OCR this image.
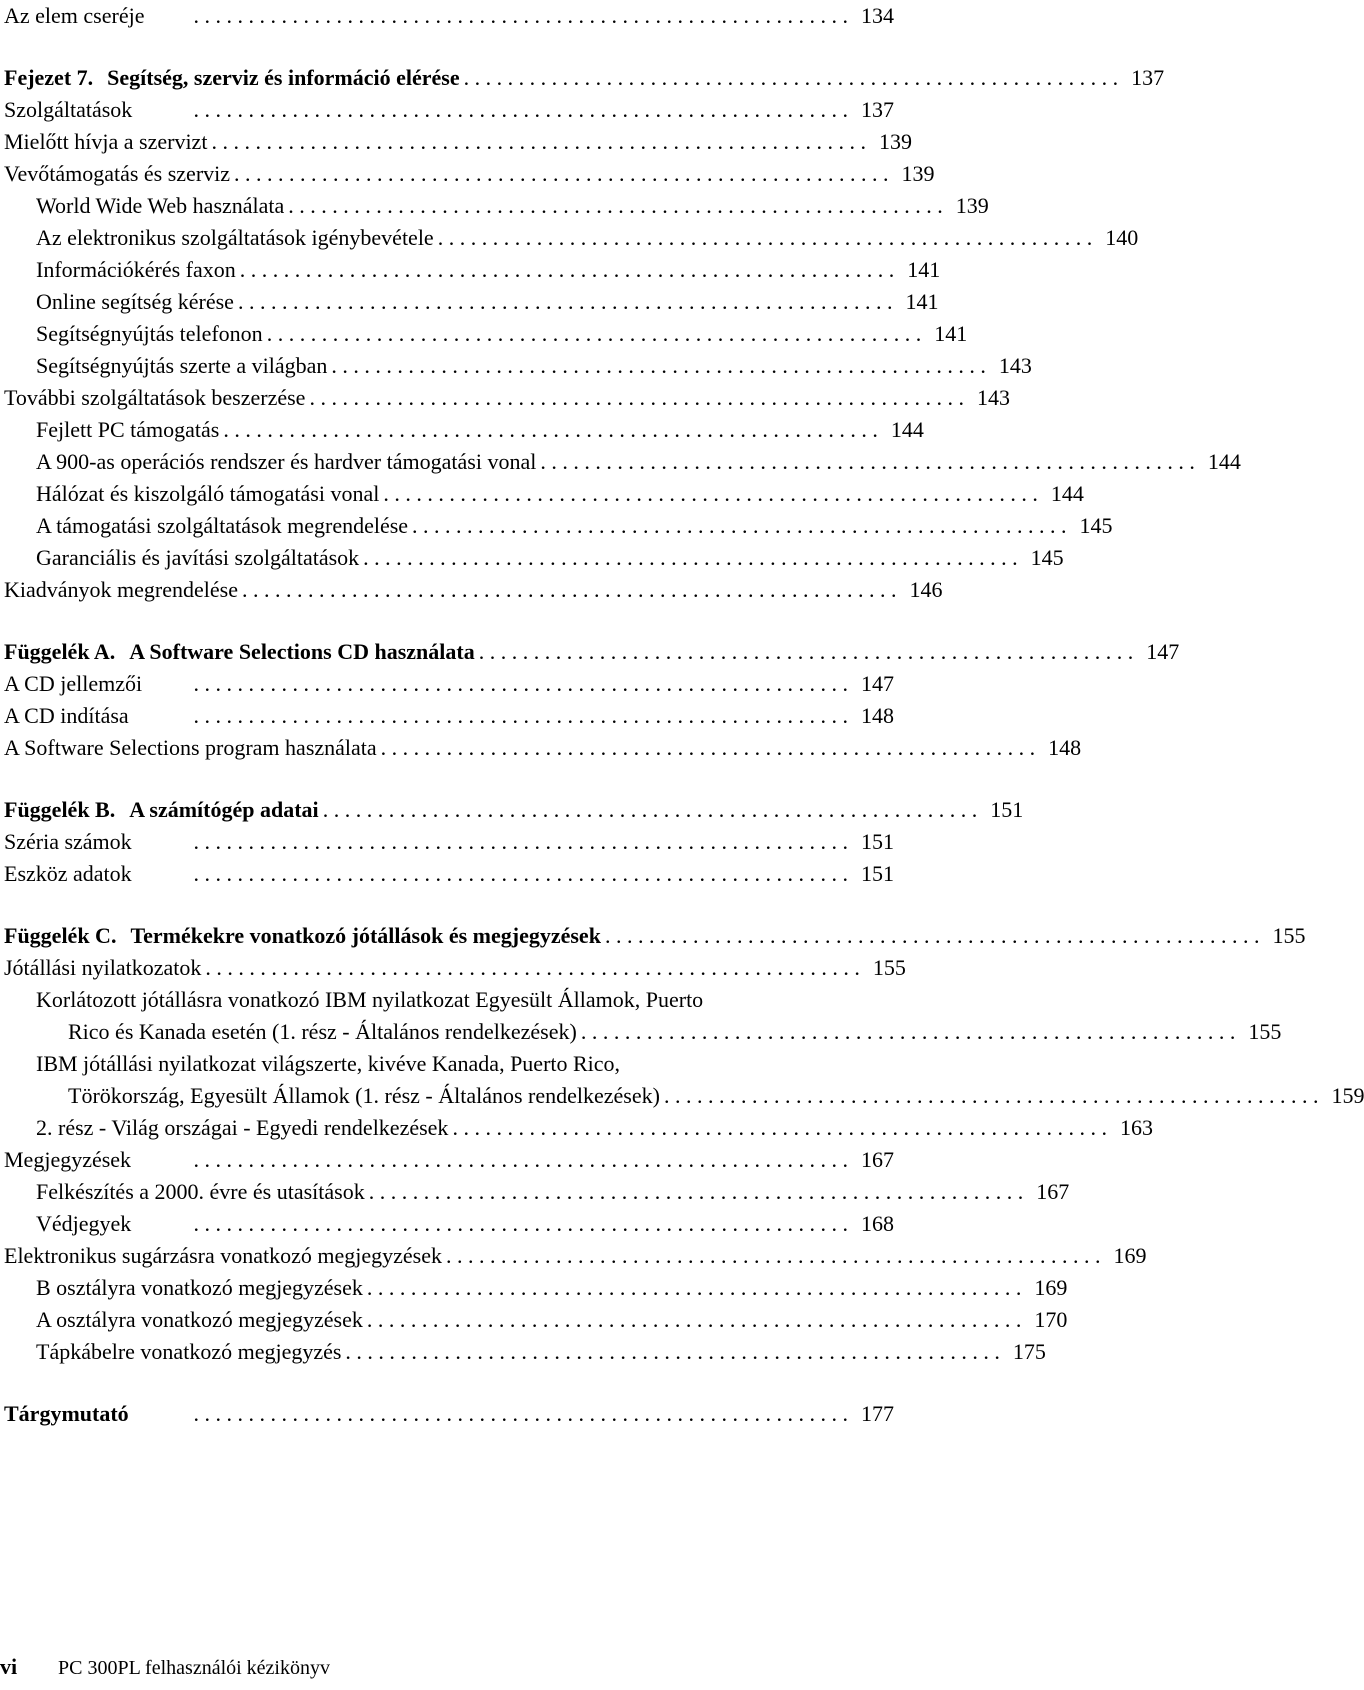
Az elem cseréje	. . . . . . . . . . . . . . . . . . . . . . . . . . . . . . . . . . . . . . . . . . . . . . . . . . . . . . . . . . . . 134
Fejezet 7. Segítség, szerviz és információ elérése . . . . . . . . . . . . . . . . . . . . . . . . . . . . . . . . . . . . . . . . . . . . . . . . . . . . . . . . . . . . 137
Szolgáltatások	. . . . . . . . . . . . . . . . . . . . . . . . . . . . . . . . . . . . . . . . . . . . . . . . . . . . . . . . . . . . 137
Mielőtt hívja a szervizt . . . . . . . . . . . . . . . . . . . . . . . . . . . . . . . . . . . . . . . . . . . . . . . . . . . . . . . . . . . . 139
Vevőtámogatás és szerviz . . . . . . . . . . . . . . . . . . . . . . . . . . . . . . . . . . . . . . . . . . . . . . . . . . . . . . . . . . . . 139
World Wide Web használata . . . . . . . . . . . . . . . . . . . . . . . . . . . . . . . . . . . . . . . . . . . . . . . . . . . . . . . . . . . . 139
Az elektronikus szolgáltatások igénybevétele . . . . . . . . . . . . . . . . . . . . . . . . . . . . . . . . . . . . . . . . . . . . . . . . . . . . . . . . . . . . 140
Információkérés faxon . . . . . . . . . . . . . . . . . . . . . . . . . . . . . . . . . . . . . . . . . . . . . . . . . . . . . . . . . . . . 141
Online segítség kérése . . . . . . . . . . . . . . . . . . . . . . . . . . . . . . . . . . . . . . . . . . . . . . . . . . . . . . . . . . . . 141
Segítségnyújtás telefonon . . . . . . . . . . . . . . . . . . . . . . . . . . . . . . . . . . . . . . . . . . . . . . . . . . . . . . . . . . . . 141
Segítségnyújtás szerte a világban . . . . . . . . . . . . . . . . . . . . . . . . . . . . . . . . . . . . . . . . . . . . . . . . . . . . . . . . . . . . 143
További szolgáltatások beszerzése . . . . . . . . . . . . . . . . . . . . . . . . . . . . . . . . . . . . . . . . . . . . . . . . . . . . . . . . . . . . 143
Fejlett PC támogatás . . . . . . . . . . . . . . . . . . . . . . . . . . . . . . . . . . . . . . . . . . . . . . . . . . . . . . . . . . . . 144
A 900-as operációs rendszer és hardver támogatási vonal . . . . . . . . . . . . . . . . . . . . . . . . . . . . . . . . . . . . . . . . . . . . . . . . . . . . . . . . . . . . 144
Hálózat és kiszolgáló támogatási vonal . . . . . . . . . . . . . . . . . . . . . . . . . . . . . . . . . . . . . . . . . . . . . . . . . . . . . . . . . . . . 144
A támogatási szolgáltatások megrendelése . . . . . . . . . . . . . . . . . . . . . . . . . . . . . . . . . . . . . . . . . . . . . . . . . . . . . . . . . . . . 145
Garanciális és javítási szolgáltatások . . . . . . . . . . . . . . . . . . . . . . . . . . . . . . . . . . . . . . . . . . . . . . . . . . . . . . . . . . . . 145
Kiadványok megrendelése . . . . . . . . . . . . . . . . . . . . . . . . . . . . . . . . . . . . . . . . . . . . . . . . . . . . . . . . . . . . 146
Függelék A. A Software Selections CD használata . . . . . . . . . . . . . . . . . . . . . . . . . . . . . . . . . . . . . . . . . . . . . . . . . . . . . . . . . . . . 147
A CD jellemzői	. . . . . . . . . . . . . . . . . . . . . . . . . . . . . . . . . . . . . . . . . . . . . . . . . . . . . . . . . . . . 147
A CD indítása	. . . . . . . . . . . . . . . . . . . . . . . . . . . . . . . . . . . . . . . . . . . . . . . . . . . . . . . . . . . . 148
A Software Selections program használata . . . . . . . . . . . . . . . . . . . . . . . . . . . . . . . . . . . . . . . . . . . . . . . . . . . . . . . . . . . . 148
Függelék B. A számítógép adatai . . . . . . . . . . . . . . . . . . . . . . . . . . . . . . . . . . . . . . . . . . . . . . . . . . . . . . . . . . . . 151
Széria számok	. . . . . . . . . . . . . . . . . . . . . . . . . . . . . . . . . . . . . . . . . . . . . . . . . . . . . . . . . . . . 151
Eszköz adatok	. . . . . . . . . . . . . . . . . . . . . . . . . . . . . . . . . . . . . . . . . . . . . . . . . . . . . . . . . . . . 151
Függelék C. Termékekre vonatkozó jótállások és megjegyzések . . . . . . . . . . . . . . . . . . . . . . . . . . . . . . . . . . . . . . . . . . . . . . . . . . . . . . . . . . . . 155
Jótállási nyilatkozatok . . . . . . . . . . . . . . . . . . . . . . . . . . . . . . . . . . . . . . . . . . . . . . . . . . . . . . . . . . . . 155
Korlátozott jótállásra vonatkozó IBM nyilatkozat Egyesült Államok, Puerto
Rico és Kanada esetén (1. rész - Általános rendelkezések) . . . . . . . . . . . . . . . . . . . . . . . . . . . . . . . . . . . . . . . . . . . . . . . . . . . . . . . . . . . . 155
IBM jótállási nyilatkozat világszerte, kivéve Kanada, Puerto Rico,
Törökország, Egyesült Államok (1. rész - Általános rendelkezések) . . . . . . . . . . . . . . . . . . . . . . . . . . . . . . . . . . . . . . . . . . . . . . . . . . . . . . . . . . . . 159
2. rész - Világ országai - Egyedi rendelkezések . . . . . . . . . . . . . . . . . . . . . . . . . . . . . . . . . . . . . . . . . . . . . . . . . . . . . . . . . . . . 163
Megjegyzések	. . . . . . . . . . . . . . . . . . . . . . . . . . . . . . . . . . . . . . . . . . . . . . . . . . . . . . . . . . . . 167
Felkészítés a 2000. évre és utasítások . . . . . . . . . . . . . . . . . . . . . . . . . . . . . . . . . . . . . . . . . . . . . . . . . . . . . . . . . . . . 167
Védjegyek	. . . . . . . . . . . . . . . . . . . . . . . . . . . . . . . . . . . . . . . . . . . . . . . . . . . . . . . . . . . . 168
Elektronikus sugárzásra vonatkozó megjegyzések . . . . . . . . . . . . . . . . . . . . . . . . . . . . . . . . . . . . . . . . . . . . . . . . . . . . . . . . . . . . 169
B osztályra vonatkozó megjegyzések . . . . . . . . . . . . . . . . . . . . . . . . . . . . . . . . . . . . . . . . . . . . . . . . . . . . . . . . . . . . 169
A osztályra vonatkozó megjegyzések . . . . . . . . . . . . . . . . . . . . . . . . . . . . . . . . . . . . . . . . . . . . . . . . . . . . . . . . . . . . 170
Tápkábelre vonatkozó megjegyzés . . . . . . . . . . . . . . . . . . . . . . . . . . . . . . . . . . . . . . . . . . . . . . . . . . . . . . . . . . . . 175
Tárgymutató	. . . . . . . . . . . . . . . . . . . . . . . . . . . . . . . . . . . . . . . . . . . . . . . . . . . . . . . . . . . . 177
vi	PC 300PL felhasználói kézikönyv
